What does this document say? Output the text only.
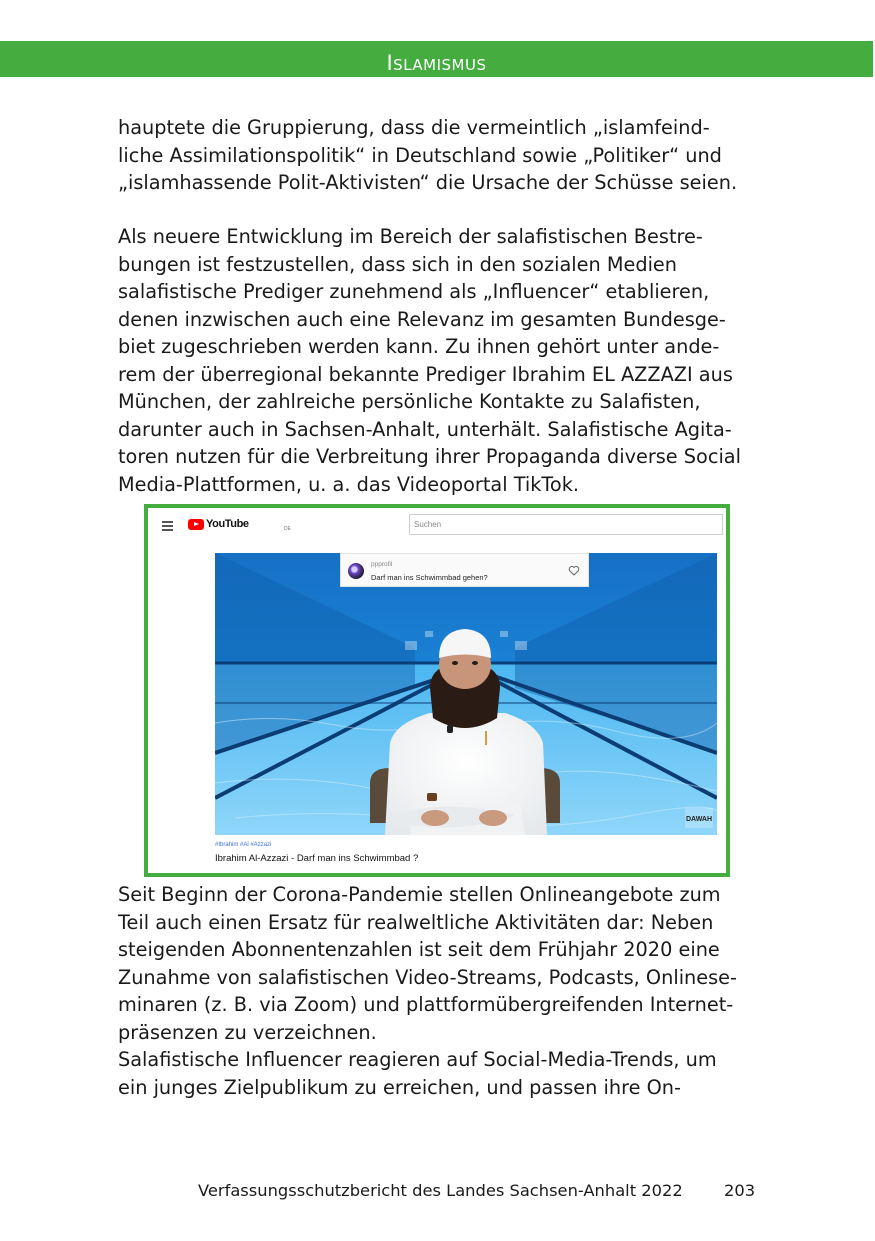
Islamismus

hauptete die Gruppierung, dass die vermeintlich „islamfeind-
liche Assimilationspolitik“ in Deutschland sowie „Politiker“ und
„islamhassende Polit-Aktivisten“ die Ursache der Schüsse seien.

Als neuere Entwicklung im Bereich der salafistischen Bestre-
bungen ist festzustellen, dass sich in den sozialen Medien
salafistische Prediger zunehmend als „Influencer“ etablieren,
denen inzwischen auch eine Relevanz im gesamten Bundesge-
biet zugeschrieben werden kann. Zu ihnen gehört unter ande-
rem der überregional bekannte Prediger Ibrahim EL AZZAZI aus
München, der zahlreiche persönliche Kontakte zu Salafisten,
darunter auch in Sachsen-Anhalt, unterhält. Salafistische Agita-
toren nutzen für die Verbreitung ihrer Propaganda diverse Social
Media-Plattformen, u. a. das Videoportal TikTok.

YouTube	DE	Suchen
DAWAH
ppprofil
Darf man ins Schwimmbad gehen?
#Ibrahim #Al #Azzazi
Ibrahim Al-Azzazi - Darf man ins Schwimmbad ?

Seit Beginn der Corona-Pandemie stellen Onlineangebote zum
Teil auch einen Ersatz für realweltliche Aktivitäten dar: Neben
steigenden Abonnentenzahlen ist seit dem Frühjahr 2020 eine
Zunahme von salafistischen Video-Streams, Podcasts, Onlinese-
minaren (z. B. via Zoom) und plattformübergreifenden Internet-
präsenzen zu verzeichnen.

Salafistische Influencer reagieren auf Social-Media-Trends, um
ein junges Zielpublikum zu erreichen, und passen ihre On-

Verfassungsschutzbericht des Landes Sachsen-Anhalt 2022	203
